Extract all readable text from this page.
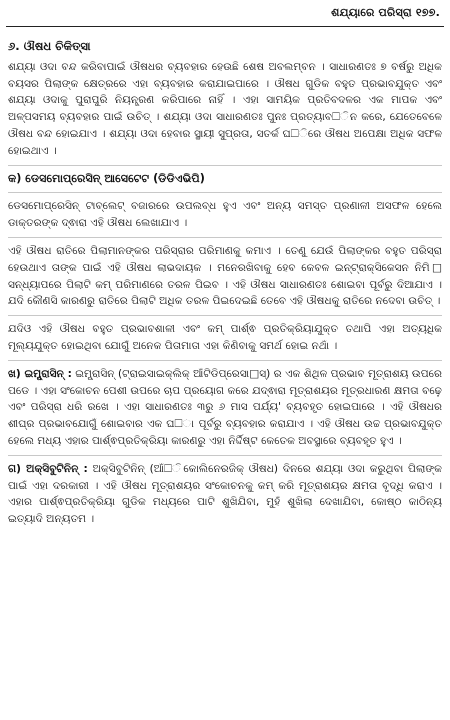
ଶଯ୍ୟାରେ ପରିସ୍ରା ୧୭୭.
୬. ଔଷଧ ଚିକିତ୍ସା

ଶଯ୍ୟା ଓଦା ବନ୍ଦ କରିବାପାଇଁ ଔଷଧର ବ୍ୟବହାର ହେଉଛି ଶେଷ ଅବଲମ୍ବନ । ସାଧାରଣତଃ ୭ ବର୍ଷରୁ ଅଧିକ ବୟସର ପିଲାଙ୍କ କ୍ଷେତ୍ରରେ ଏହା ବ୍ୟବହାର କରାଯାଇପାରେ । ଔଷଧ ଗୁଡିକ ବହୁତ ପ୍ରଭାବଯୁକ୍ତ ଏବଂ ଶଯ୍ୟା ଓଦାକୁ ପୁରାପୁରି ନିୟନ୍ତ୍ରଣ କରିପାରେ ନାହିଁ । ଏହା ସାମୟିକ ପ୍ରତିବଦଳର ଏକ ମାପକ ଏବଂ ଅଳ୍ପସମୟ ବ୍ୟବହାର ପାଇଁ ଉଚିତ୍ । ଶଯ୍ୟା ଓଦା ସାଧାରଣତଃ ପୁନଃ ପ୍ରତ୍ୟାବ□ିନ କରେ, ଯେତେବେଳେ ଔଷଧ ବନ୍ଦ ହୋଇଯାଏ । ଶଯ୍ୟା ଓଦା ହେବାର ସ୍ଥାୟୀ ସୁପ୍ରତା, ସତର୍କ ଘ□ିରେ ଔଷଧ ଅପେକ୍ଷା ଅଧିକ ସଫଳ ହୋଇଥାଏ ।

କ) ଡେସମୋପ୍ରେସିନ୍ ଆସେଟେଟ (ଡିଡିଏଭିପି)

ଡେସମୋପ୍ରେସିନ୍ ଟାବ୍ଲେଟ୍ ବଜାରରେ ଉପଲବ୍ଧ ହୁଏ ଏବଂ ଅନ୍ୟ ସମସ୍ତ ପ୍ରଣାଳୀ ଅସଫଳ ହେଲେ ଡାକ୍ତରଙ୍କ ଦ୍ଵାରା ଏହି ଔଷଧ ଲେଖାଯାଏ ।

ଏହି ଔଷଧ ରାତିରେ ପିଲାମାନଙ୍କର ପରିସ୍ରାର ପରିମାଣକୁ କମାଏ । ତେଣୁ ଯେଉଁ ପିଲାଙ୍କର ବହୁତ ପରିସ୍ରା ହେଉଥାଏ ତାଙ୍କ ପାଇଁ ଏହି ଔଷଧ ଲାଭଦାୟକ । ମନେରଖିବାକୁ ହେବ କେବଳ ଇନ୍‌ଟ୍ରାକ୍ସିକେସନ ନିମି□ ସନ୍ଧ୍ୟାପରେ ପିଲାଟି କମ୍ ପରିମାଣରେ ତରଳ ପିଇବ । ଏହି ଔଷଧ ସାଧାରଣତଃ ଶୋଇବା ପୂର୍ବରୁ ଦିଆଯାଏ । ଯଦି କୌଣସି କାରଣରୁ ରାତିରେ ପିଲାଟି ଅଧିକ ତରଳ ପିଇଦେଇଛି ତେବେ ଏହି ଔଷଧକୁ ରାତିରେ ନଦେବା ଉଚିତ୍ ।

ଯଦିଓ ଏହି ଔଷଧ ବହୁତ ପ୍ରଭାବଶାଳୀ ଏବଂ କମ୍ ପାର୍ଶ୍ଵ ପ୍ରତିକ୍ରିୟାଯୁକ୍ତ ତଥାପି ଏହା ଅତ୍ୟଧିକ ମୂଲ୍ୟଯୁକ୍ତ ହୋଇଥିବା ଯୋଗୁଁ ଅନେକ ପିତାମାତା ଏହା କିଣିବାକୁ ସମର୍ଥ ହୋଇ ନଥାଁ ।

ଖ) ଇମ୍ପ୍ରାସିନ୍ : ଇମ୍ପ୍ରାସିନ୍ (ଟ୍ରାଇସାଇକ୍ଲିକ୍ ଆଁଟିଡିପ୍ରେସା□ସ୍) ର ଏକ ଶିଥିଳ ପ୍ରଭାବ ମୂତ୍ରାଶୟ ଉପରେ ପଡେ । ଏହା ସଂକୋଚନ ପେଶୀ ଉପରେ ଚାପ ପ୍ରୟୋଗ କରେ ଯଦ୍ଵାରା ମୂତ୍ରାଶୟର ମୂତ୍ରଧାରଣ କ୍ଷମତା ବଢ଼େ ଏବଂ ପରିସ୍ରା ଧରି ରଖେ । ଏହା ସାଧାରଣତଃ ୩ରୁ ୬ ମାସ ପର୍ଯ୍ୟ' ବ୍ୟବହୃତ ହୋଇପାରେ । ଏହି ଔଷଧର ଶୀଘ୍ର ପ୍ରଭାବଯୋଗୁଁ ଶୋଇବାର ଏକ ଘ□ା ପୂର୍ବରୁ ବ୍ୟବହାର କରାଯାଏ । ଏହି ଔଷଧ ଉଚ୍ଚ ପ୍ରଭାବଯୁକ୍ତ ହେଲେ ମଧ୍ୟ ଏହାର ପାର୍ଶ୍ଵପ୍ରତିକ୍ରିୟା କାରଣରୁ ଏହା ନିର୍ଦ୍ଦିଷ୍ଟ କେତେକ ଅବସ୍ଥାରେ ବ୍ୟବହୃତ ହୁଏ ।

ଗ) ଅକ୍ସିବୁଟିନିନ୍ : ଅକ୍ସିବୁଟିନିନ୍ (ଆଁ□ିକୋଲିନେରଜିକ୍ ଔଷଧ) ଦିନରେ ଶଯ୍ୟା ଓଦା କରୁଥିବା ପିଲାଙ୍କ ପାଇଁ ଏହା ଦରକାରୀ । ଏହି ଔଷଧ ମୂତ୍ରାଶୟର ସଂକୋଚନକୁ କମ୍ କରି ମୂତ୍ରାଶୟର କ୍ଷମତା ବୃଦ୍ଧି କରାଏ । ଏହାର ପାର୍ଶ୍ଵପ୍ରତିକ୍ରିୟା ଗୁଡିକ ମଧ୍ୟରେ ପାଟି ଶୁଖିଯିବା, ମୁହଁ ଶୁଖିଲା ଦେଖାଯିବା, କୋଷ୍ଠ କାଠିନ୍ୟ ଇତ୍ୟାଦି ଅନ୍ୟତମ ।
